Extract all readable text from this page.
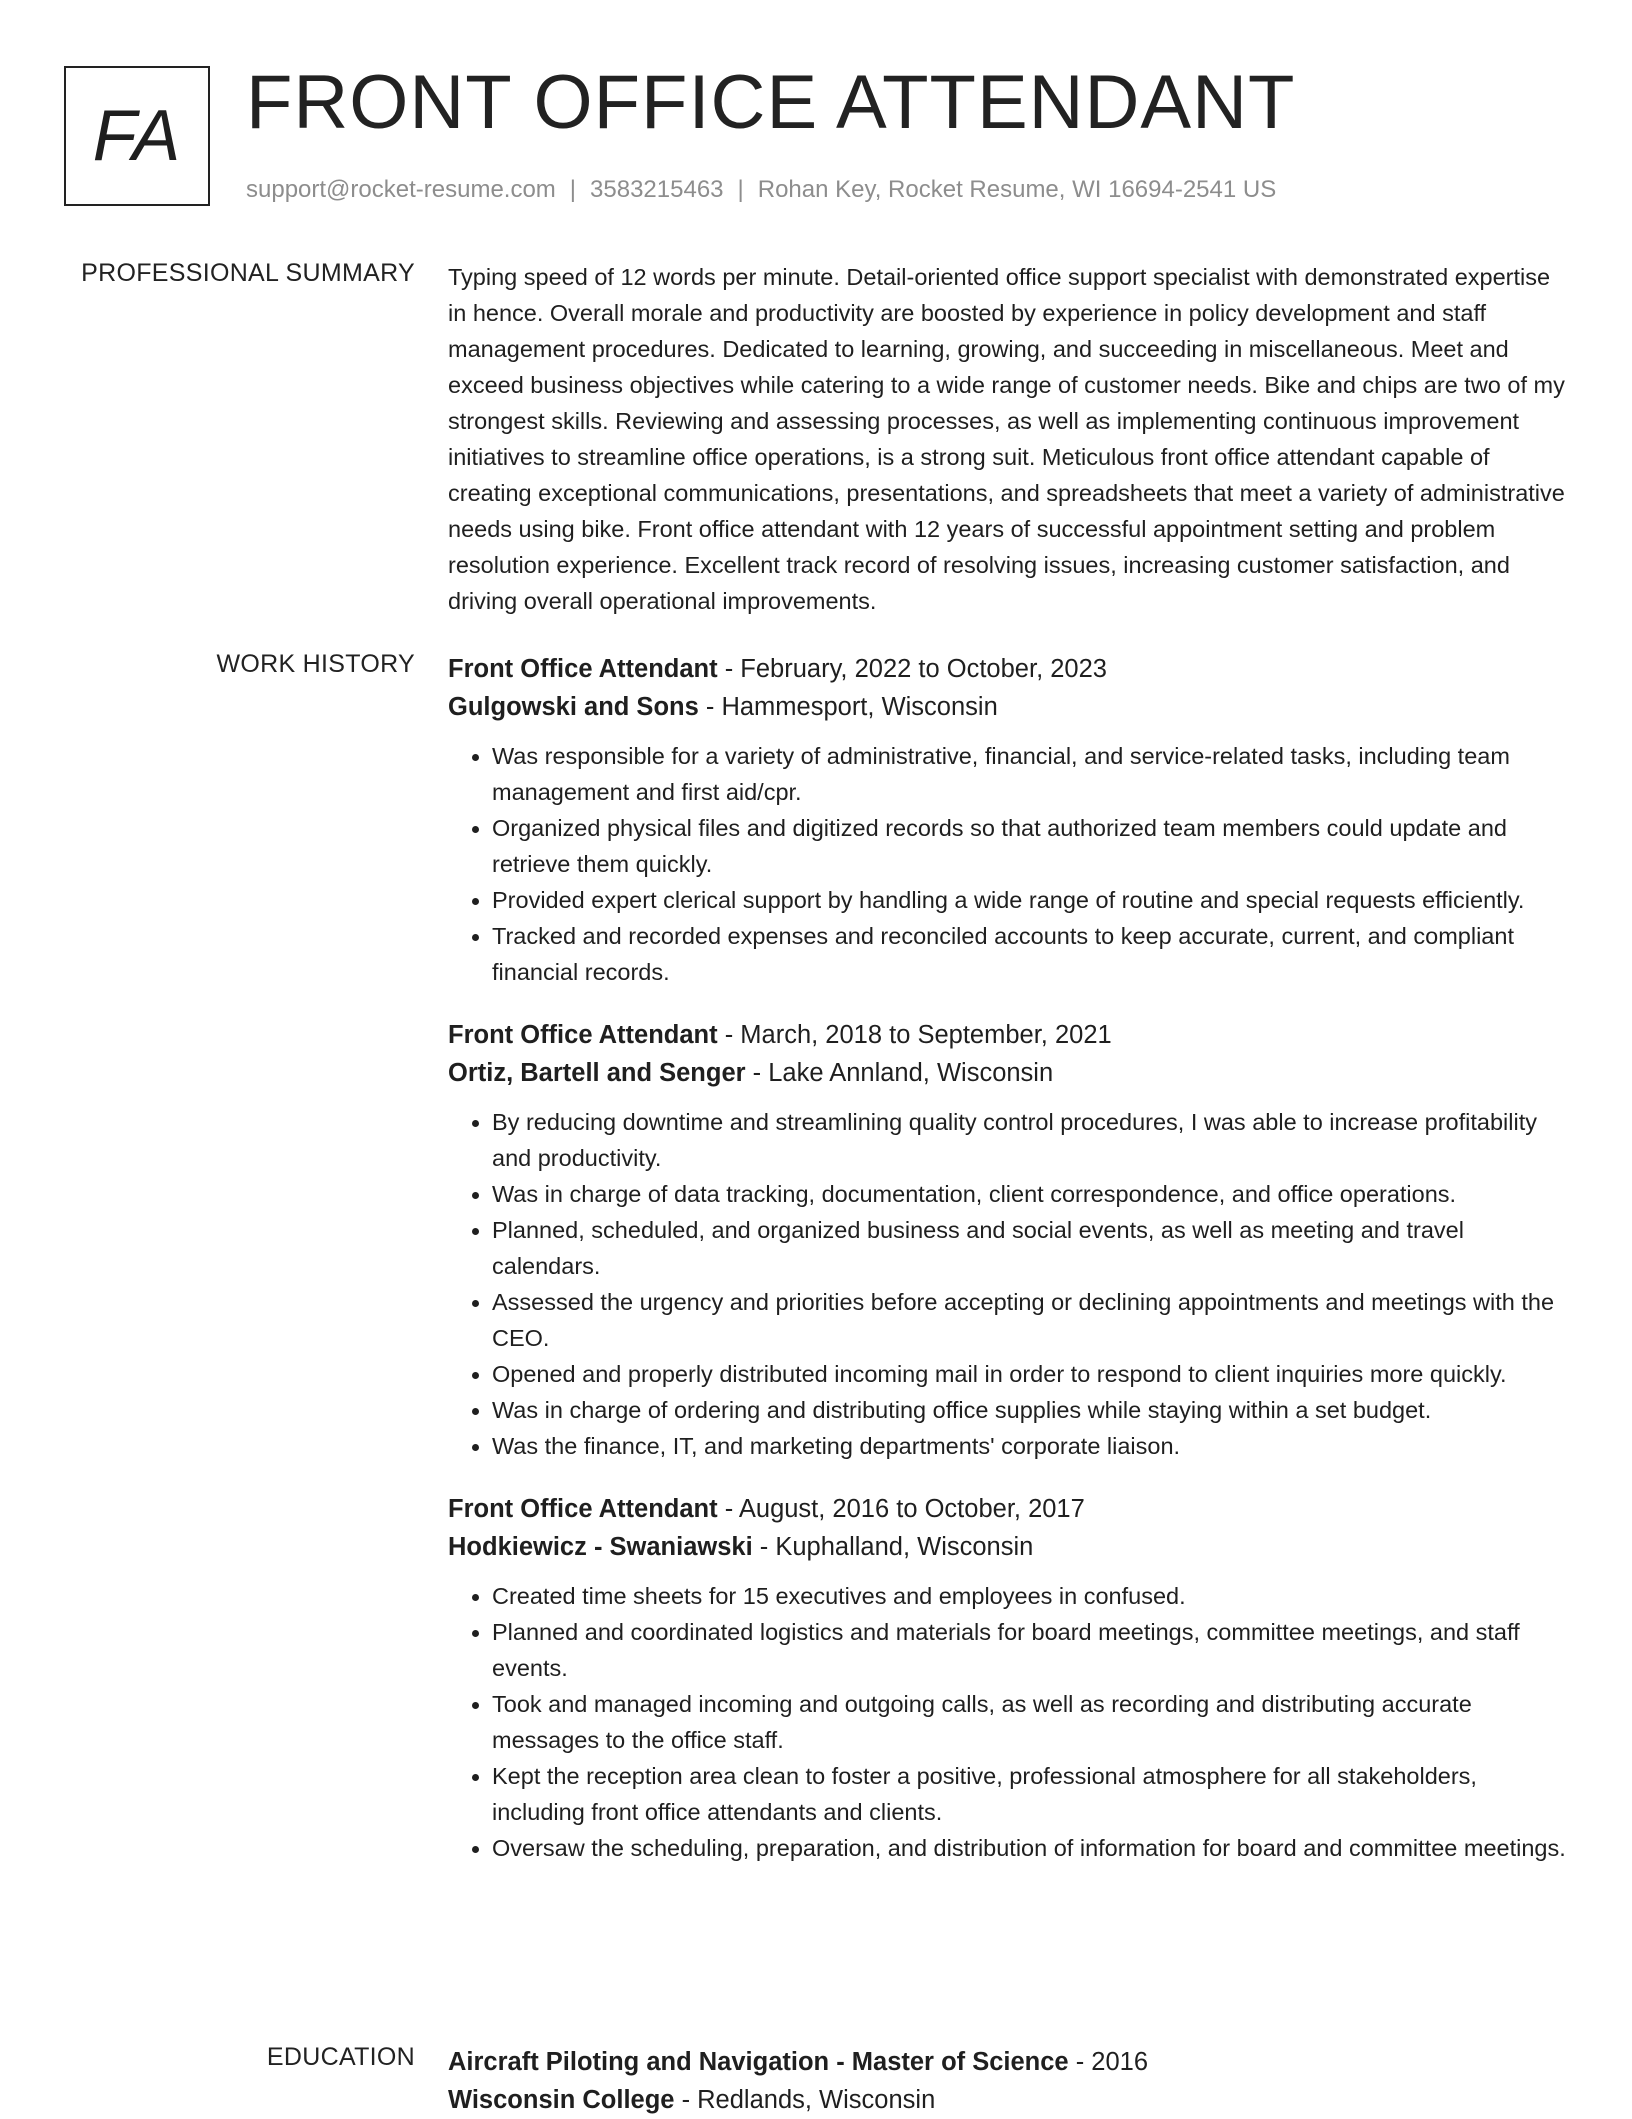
FA FRONT OFFICE ATTENDANT
support@rocket-resume.com | 3583215463 | Rohan Key, Rocket Resume, WI 16694-2541 US
PROFESSIONAL SUMMARY Typing speed of 12 words per minute. Detail-oriented office support specialist with demonstrated expertise in hence. Overall morale and productivity are boosted by experience in policy development and staff management procedures. Dedicated to learning, growing, and succeeding in miscellaneous. Meet and exceed business objectives while catering to a wide range of customer needs. Bike and chips are two of my strongest skills. Reviewing and assessing processes, as well as implementing continuous improvement initiatives to streamline office operations, is a strong suit. Meticulous front office attendant capable of creating exceptional communications, presentations, and spreadsheets that meet a variety of administrative needs using bike. Front office attendant with 12 years of successful appointment setting and problem resolution experience. Excellent track record of resolving issues, increasing customer satisfaction, and driving overall operational improvements.

WORK HISTORY Front Office Attendant - February, 2022 to October, 2023
Gulgowski and Sons - Hammesport, Wisconsin
• Was responsible for a variety of administrative, financial, and service-related tasks, including team management and first aid/cpr.
• Organized physical files and digitized records so that authorized team members could update and retrieve them quickly.
• Provided expert clerical support by handling a wide range of routine and special requests efficiently.
• Tracked and recorded expenses and reconciled accounts to keep accurate, current, and compliant financial records.
Front Office Attendant - March, 2018 to September, 2021
Ortiz, Bartell and Senger - Lake Annland, Wisconsin
• By reducing downtime and streamlining quality control procedures, I was able to increase profitability and productivity.
• Was in charge of data tracking, documentation, client correspondence, and office operations.
• Planned, scheduled, and organized business and social events, as well as meeting and travel calendars.
• Assessed the urgency and priorities before accepting or declining appointments and meetings with the CEO.
• Opened and properly distributed incoming mail in order to respond to client inquiries more quickly.
• Was in charge of ordering and distributing office supplies while staying within a set budget.
• Was the finance, IT, and marketing departments' corporate liaison.
Front Office Attendant - August, 2016 to October, 2017
Hodkiewicz - Swaniawski - Kuphalland, Wisconsin
• Created time sheets for 15 executives and employees in confused.
• Planned and coordinated logistics and materials for board meetings, committee meetings, and staff events.
• Took and managed incoming and outgoing calls, as well as recording and distributing accurate messages to the office staff.
• Kept the reception area clean to foster a positive, professional atmosphere for all stakeholders, including front office attendants and clients.
• Oversaw the scheduling, preparation, and distribution of information for board and committee meetings.
EDUCATION Aircraft Piloting and Navigation - Master of Science - 2016
Wisconsin College - Redlands, Wisconsin
